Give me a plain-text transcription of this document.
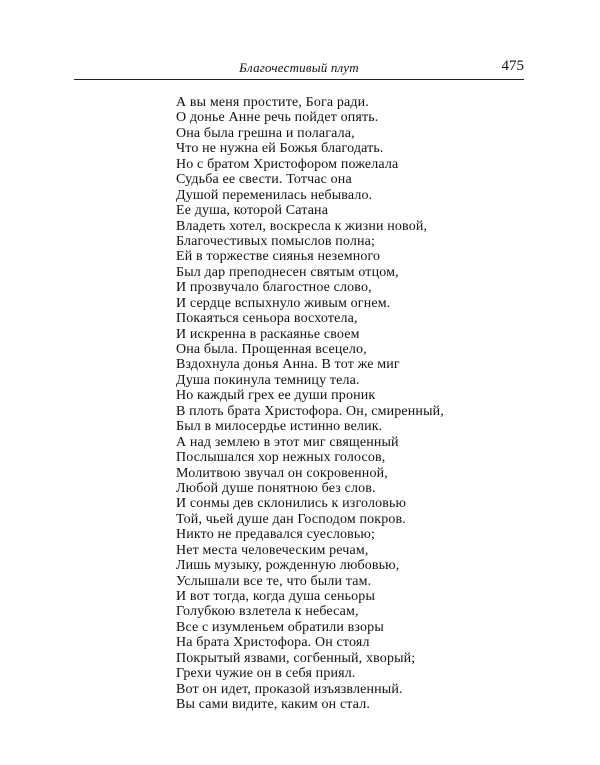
Благочестивый плут	475
А вы меня простите, Бога ради.
О донье Анне речь пойдет опять.
Она была грешна и полагала,
Что не нужна ей Божья благодать.
Но с братом Христофором пожелала
Судьба ее свести. Тотчас она
Душой переменилась небывало.
Ее душа, которой Сатана
Владеть хотел, воскресла к жизни новой,
Благочестивых помыслов полна;
Ей в торжестве сиянья неземного
Был дар преподнесен святым отцом,
И прозвучало благостное слово,
И сердце вспыхнуло живым огнем.
Покаяться сеньора восхотела,
И искренна в раскаянье своем
Она была. Прощенная всецело,
Вздохнула донья Анна. В тот же миг
Душа покинула темницу тела.
Но каждый грех ее души проник
В плоть брата Христофора. Он, смиренный,
Был в милосердье истинно велик.
А над землею в этот миг священный
Послышался хор нежных голосов,
Молитвою звучал он сокровенной,
Любой душе понятною без слов.
И сонмы дев склонились к изголовью
Той, чьей душе дан Господом покров.
Никто не предавался суесловью;
Нет места человеческим речам,
Лишь музыку, рожденную любовью,
Услышали все те, что были там.
И вот тогда, когда душа сеньоры
Голубкою взлетела к небесам,
Все с изумленьем обратили взоры
На брата Христофора. Он стоял
Покрытый язвами, согбенный, хворый;
Грехи чужие он в себя приял.
Вот он идет, проказой изъязвленный.
Вы сами видите, каким он стал.
